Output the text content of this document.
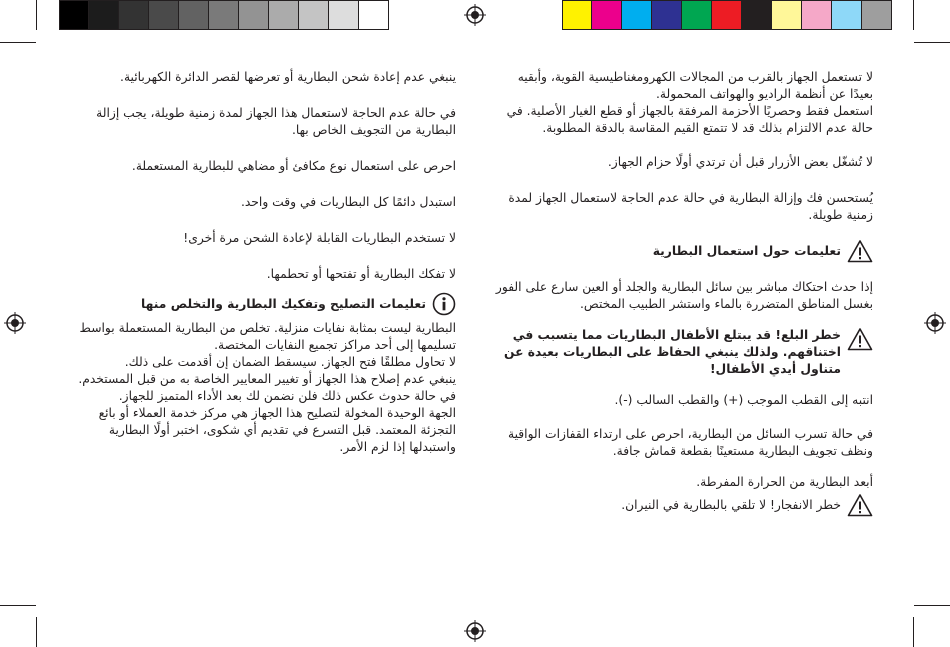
لا تستعمل الجهاز بالقرب من المجالات الكهرومغناطيسية القوية، وأبقيه بعيدًا عن أنظمة الراديو والهواتف المحمولة.

استعمل فقط وحصريًا الأحزمة المرفقة بالجهاز أو قطع الغيار الأصلية. في حالة عدم الالتزام بذلك قد لا تتمتع القيم المقاسة بالدقة المطلوبة.

لا تُشغّل بعض الأزرار قبل أن ترتدي أولًا حزام الجهاز.

يُستحسن فك وإزالة البطارية في حالة عدم الحاجة لاستعمال الجهاز لمدة زمنية طويلة.

تعليمات حول استعمال البطارية

إذا حدث احتكاك مباشر بين سائل البطارية والجلد أو العين سارع على الفور بغسل المناطق المتضررة بالماء واستشر الطبيب المختص.

خطر البلع! قد يبتلع الأطفال البطاريات مما يتسبب في اختناقهم. ولذلك ينبغي الحفاظ على البطاريات بعيدة عن متناول أيدي الأطفال!

انتبه إلى القطب الموجب (+) والقطب السالب (-).

في حالة تسرب السائل من البطارية، احرص على ارتداء القفازات الواقية ونظف تجويف البطارية مستعينًا بقطعة قماش جافة.

أبعد البطارية من الحرارة المفرطة.

خطر الانفجار! لا تلقي بالبطارية في النيران.

ينبغي عدم إعادة شحن البطارية أو تعرضها لقصر الدائرة الكهربائية.

في حالة عدم الحاجة لاستعمال هذا الجهاز لمدة زمنية طويلة، يجب إزالة البطارية من التجويف الخاص بها.

احرص على استعمال نوع مكافئ أو مضاهي للبطارية المستعملة.

استبدل دائمًا كل البطاريات في وقت واحد.

لا تستخدم البطاريات القابلة لإعادة الشحن مرة أخرى!

لا تفكك البطارية أو تفتحها أو تحطمها.

تعليمات التصليح وتفكيك البطارية والتخلص منها

البطارية ليست بمثابة نفايات منزلية. تخلص من البطارية المستعملة بواسط تسليمها إلى أحد مراكز تجميع النفايات المختصة.

لا تحاول مطلقًا فتح الجهاز. سيسقط الضمان إن أقدمت على ذلك.

ينبغي عدم إصلاح هذا الجهاز أو تغيير المعايير الخاصة به من قبل المستخدم. في حالة حدوث عكس ذلك فلن نضمن لك بعد الأداء المتميز للجهاز.

الجهة الوحيدة المخولة لتصليح هذا الجهاز هي مركز خدمة العملاء أو بائع التجزئة المعتمد. قبل التسرع في تقديم أي شكوى، اختبر أولًا البطارية واستبدلها إذا لزم الأمر.
